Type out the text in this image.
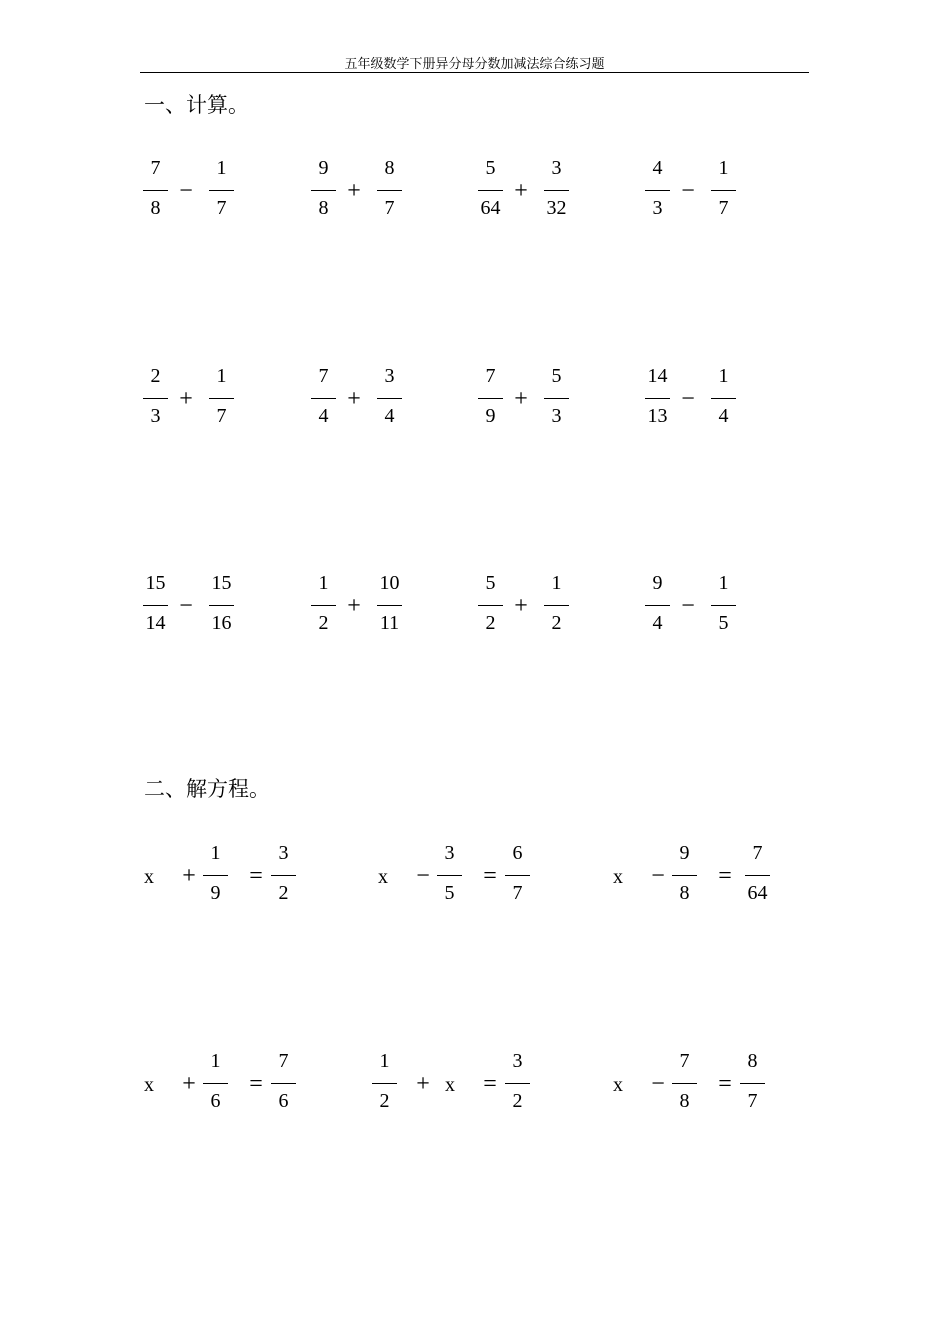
五年级数学下册异分母分数加减法综合练习题
一、计算。
7
8
−
1
7
9
8
+
8
7
5
64
+
3
32
4
3
−
1
7
2
3
+
1
7
7
4
+
3
4
7
9
+
5
3
14
13
−
1
4
15
14
−
15
16
1
2
+
10
11
5
2
+
1
2
9
4
−
1
5
二、解方程。
x +
1
9
=
3
2
x −
3
5
=
6
7
x −
9
8
=
7
64
x +
1
6
=
7
6
1
2
+ x =
3
2
x −
7
8
=
8
7
